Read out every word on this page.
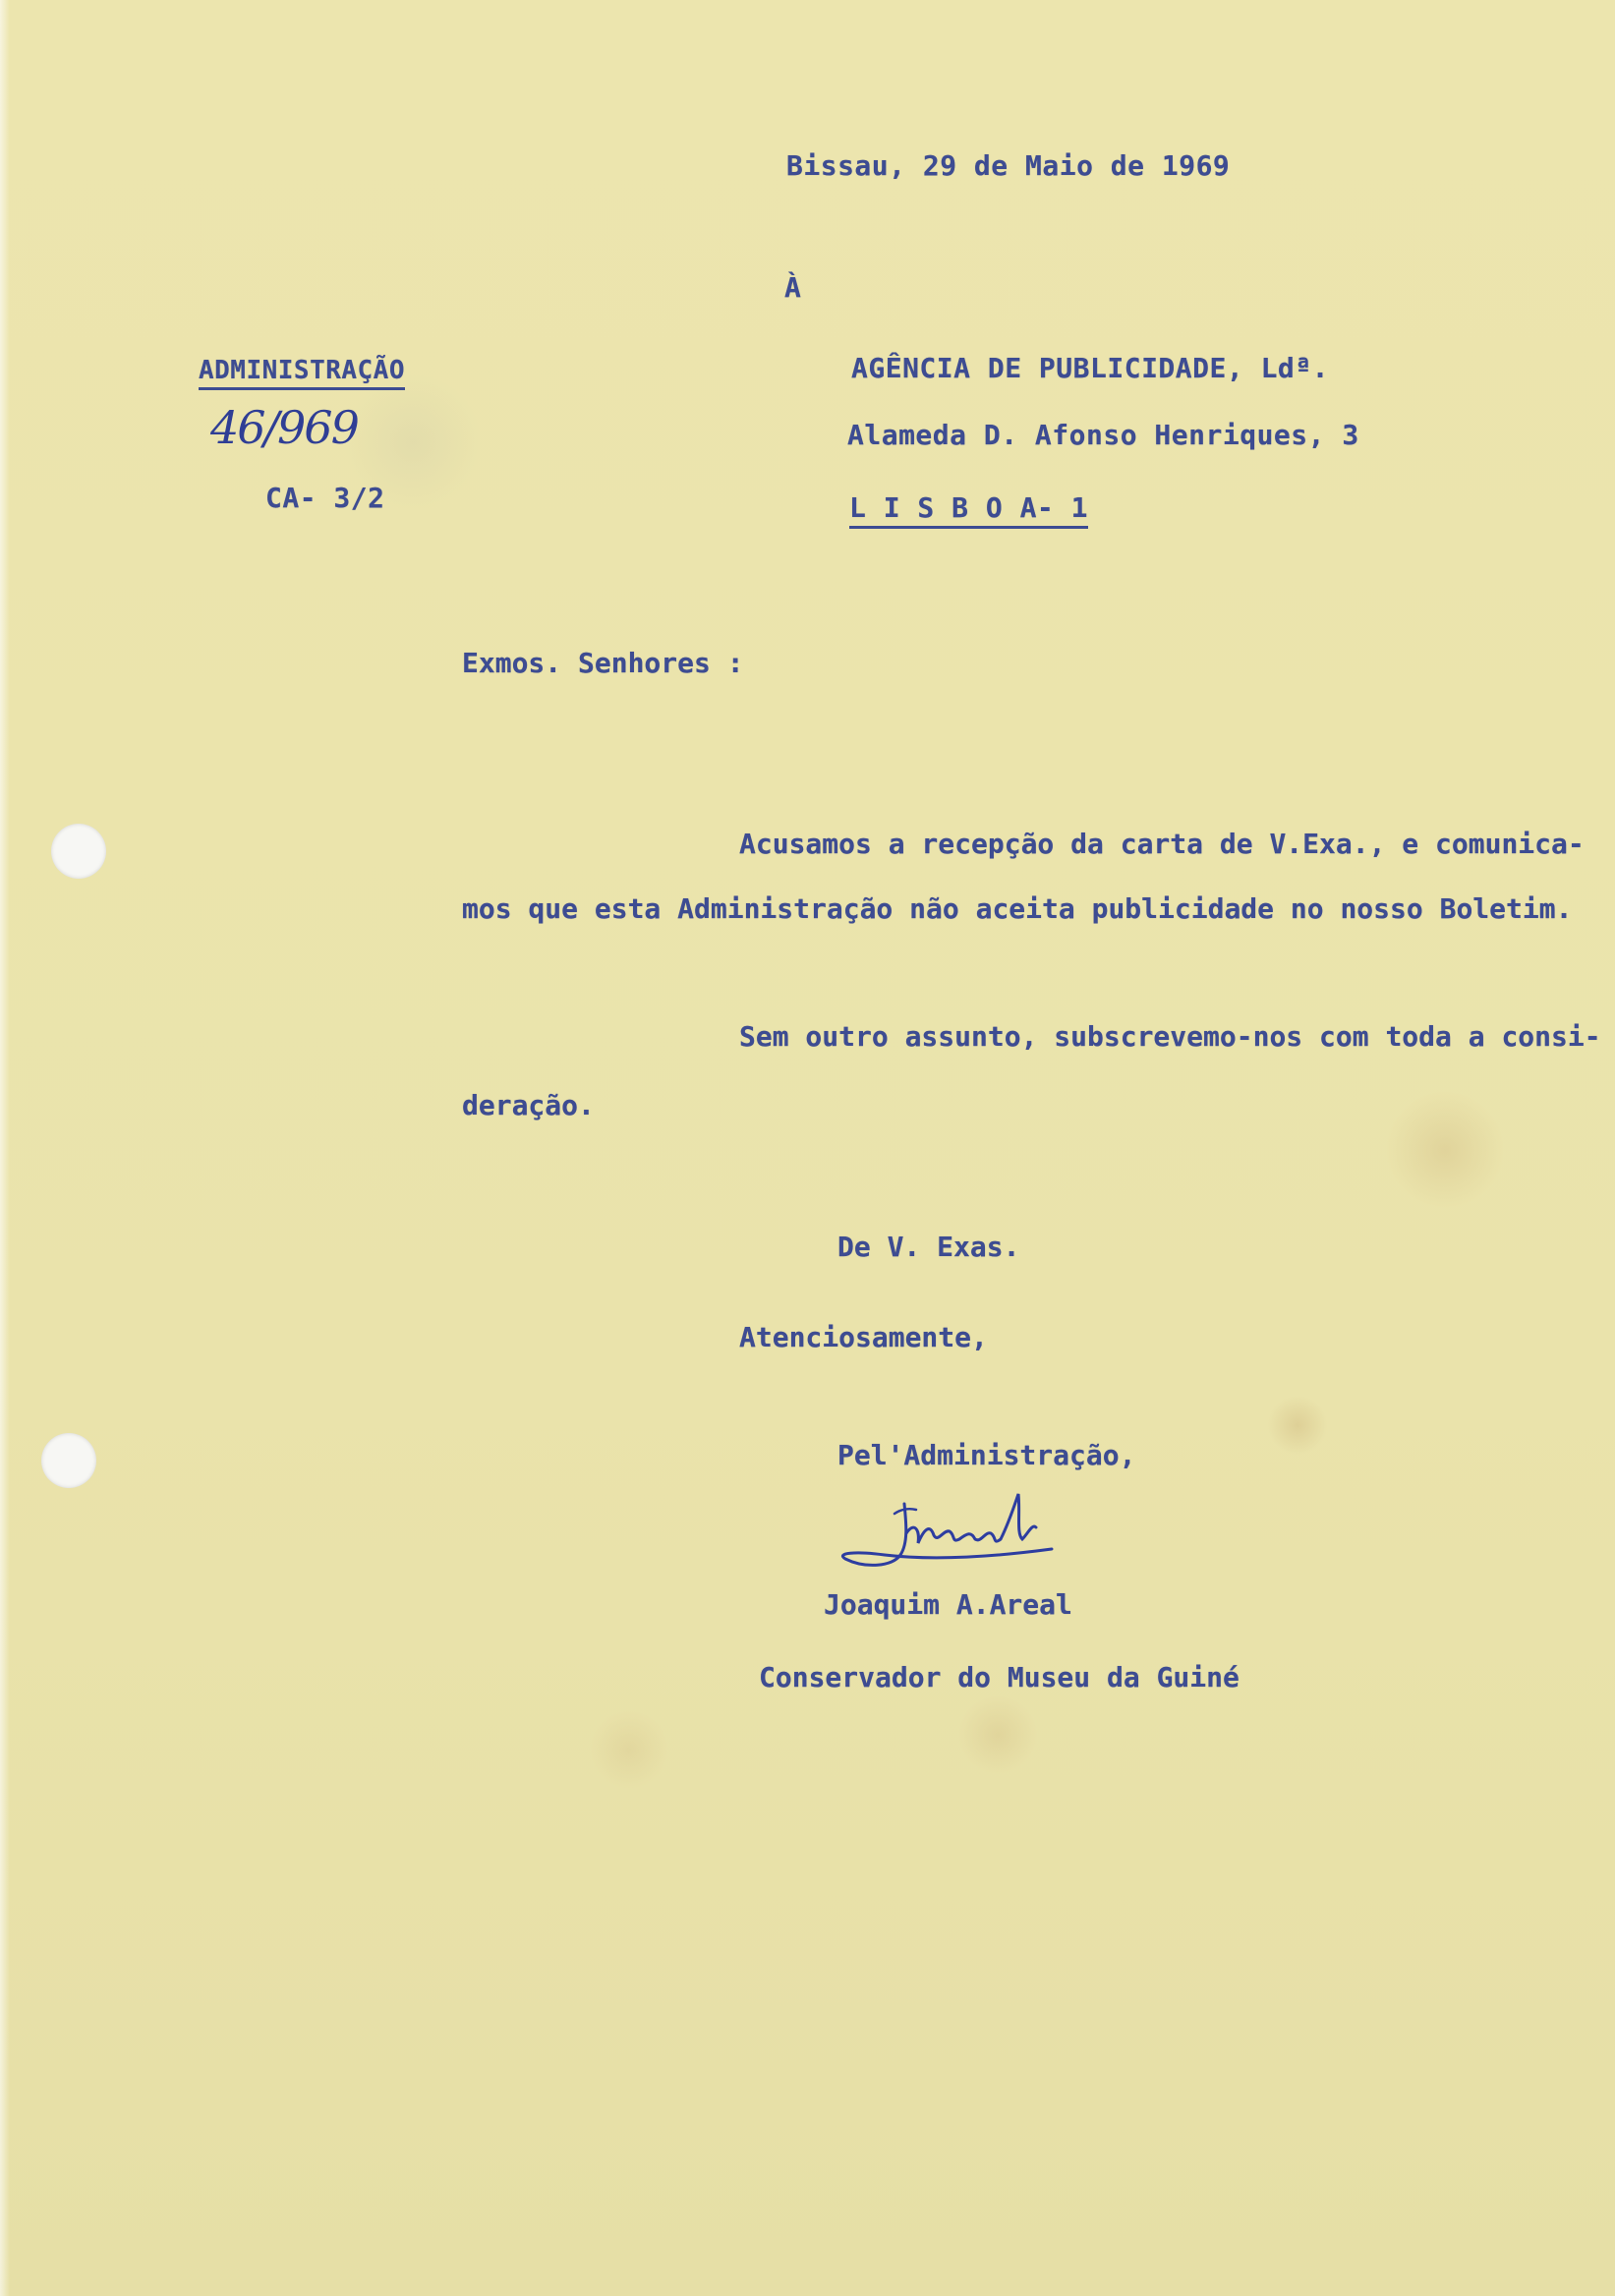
Bissau, 29 de Maio de 1969
À
ADMINISTRAÇÃO
46/969
CA- 3/2
AGÊNCIA DE PUBLICIDADE, Ldª.
Alameda D. Afonso Henriques, 3
L I S B O A- 1
Exmos. Senhores :
Acusamos a recepção da carta de V.Exa., e comunica-
mos que esta Administração não aceita publicidade no nosso Boletim.
Sem outro assunto, subscrevemo-nos com toda a consi-
deração.
De V. Exas.
Atenciosamente,
Pel'Administração,
Joaquim A.Areal
Conservador do Museu da Guiné
